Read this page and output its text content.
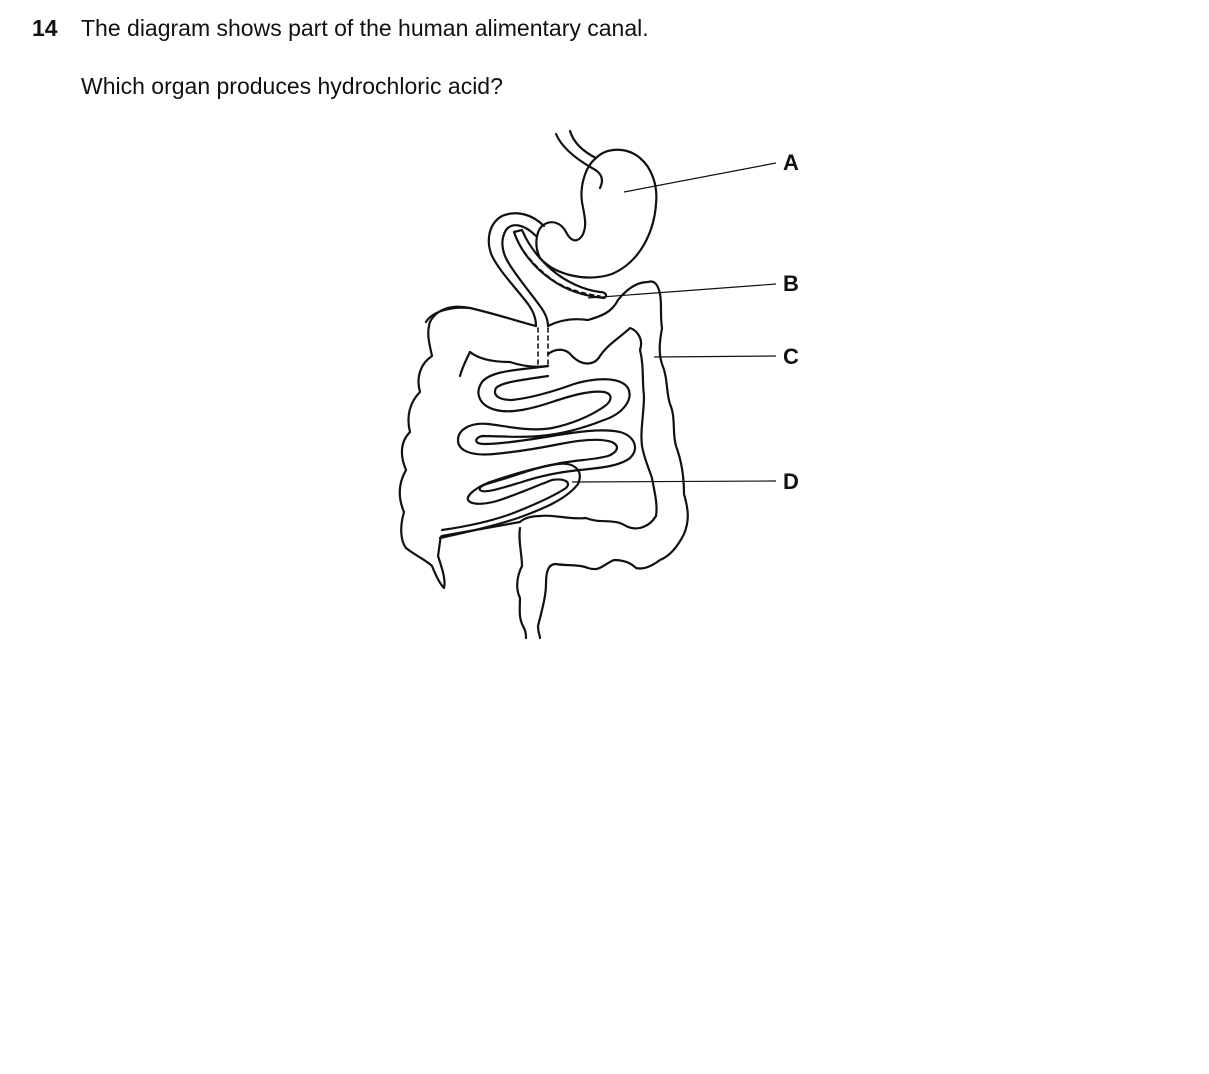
14 The diagram shows part of the human alimentary canal.
Which organ produces hydrochloric acid?
A
B
C
D
